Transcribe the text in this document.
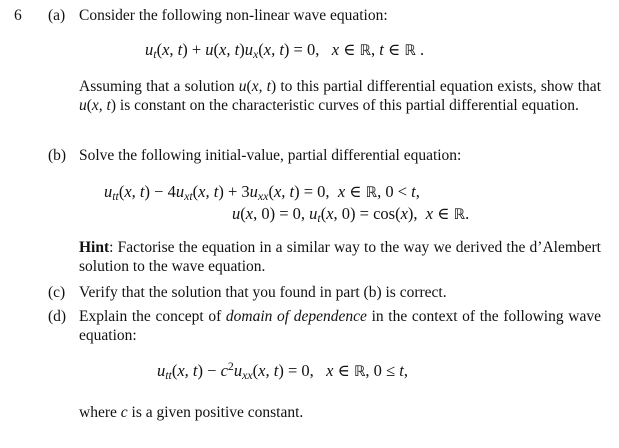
6 (a) Consider the following non-linear wave equation:
$u_t(x$, t) + u(x, $t)u_x(x$, t) = 0,   x ∈ ℝ, t ∈ ℝ .
Assuming that a solution u(x, t) to this partial differential equation exists, show that u(x, t) is constant on the characteristic curves of this partial differential equation.
(b) Solve the following initial-value, partial differential equation:
$u_{tt}(x$, $t) - 4u_{xt}(x$, $t) + 3u_{xx}(x$, t) = 0,  x ∈ ℝ, 0 < t,
u(x, 0) = 0, $u_t(x$, 0) = cos(x),  x ∈ ℝ.
Hint: Factorise the equation in a similar way to the way we derived the d’Alembert solution to the wave equation.
(c) Verify that the solution that you found in part (b) is correct.
(d) Explain the concept of domain of dependence in the context of the following wave equation:
$u_{tt}(x$, $t) - c^2u_{xx}(x$, t) = 0,   x ∈ ℝ, 0 ≤ t,
where c is a given positive constant.
